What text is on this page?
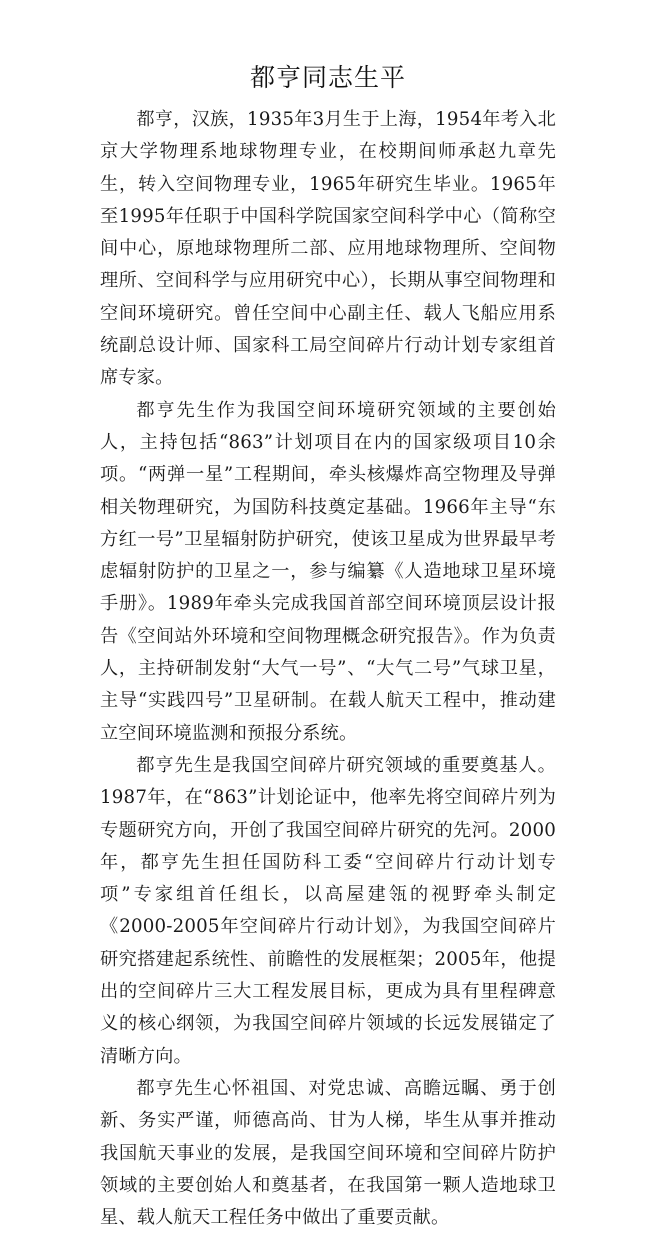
都亨同志生平

都亨，汉族，1935年3月生于上海，1954年考入北京大学物理系地球物理专业，在校期间师承赵九章先生，转入空间物理专业，1965年研究生毕业。1965年至1995年任职于中国科学院国家空间科学中心（简称空间中心，原地球物理所二部、应用地球物理所、空间物理所、空间科学与应用研究中心），长期从事空间物理和空间环境研究。曾任空间中心副主任、载人飞船应用系统副总设计师、国家科工局空间碎片行动计划专家组首席专家。

都亨先生作为我国空间环境研究领域的主要创始人，主持包括“863”计划项目在内的国家级项目10余项。“两弹一星”工程期间，牵头核爆炸高空物理及导弹相关物理研究，为国防科技奠定基础。1966年主导“东方红一号”卫星辐射防护研究，使该卫星成为世界最早考虑辐射防护的卫星之一，参与编纂《人造地球卫星环境手册》。1989年牵头完成我国首部空间环境顶层设计报告《空间站外环境和空间物理概念研究报告》。作为负责人，主持研制发射“大气一号”、“大气二号”气球卫星，主导“实践四号”卫星研制。在载人航天工程中，推动建立空间环境监测和预报分系统。

都亨先生是我国空间碎片研究领域的重要奠基人。1987年，在“863”计划论证中，他率先将空间碎片列为专题研究方向，开创了我国空间碎片研究的先河。2000年，都亨先生担任国防科工委“空间碎片行动计划专项”专家组首任组长，以高屋建瓴的视野牵头制定《2000-2005年空间碎片行动计划》，为我国空间碎片研究搭建起系统性、前瞻性的发展框架；2005年，他提出的空间碎片三大工程发展目标，更成为具有里程碑意义的核心纲领，为我国空间碎片领域的长远发展锚定了清晰方向。

都亨先生心怀祖国、对党忠诚、高瞻远瞩、勇于创新、务实严谨，师德高尚、甘为人梯，毕生从事并推动我国航天事业的发展，是我国空间环境和空间碎片防护领域的主要创始人和奠基者，在我国第一颗人造地球卫星、载人航天工程任务中做出了重要贡献。
